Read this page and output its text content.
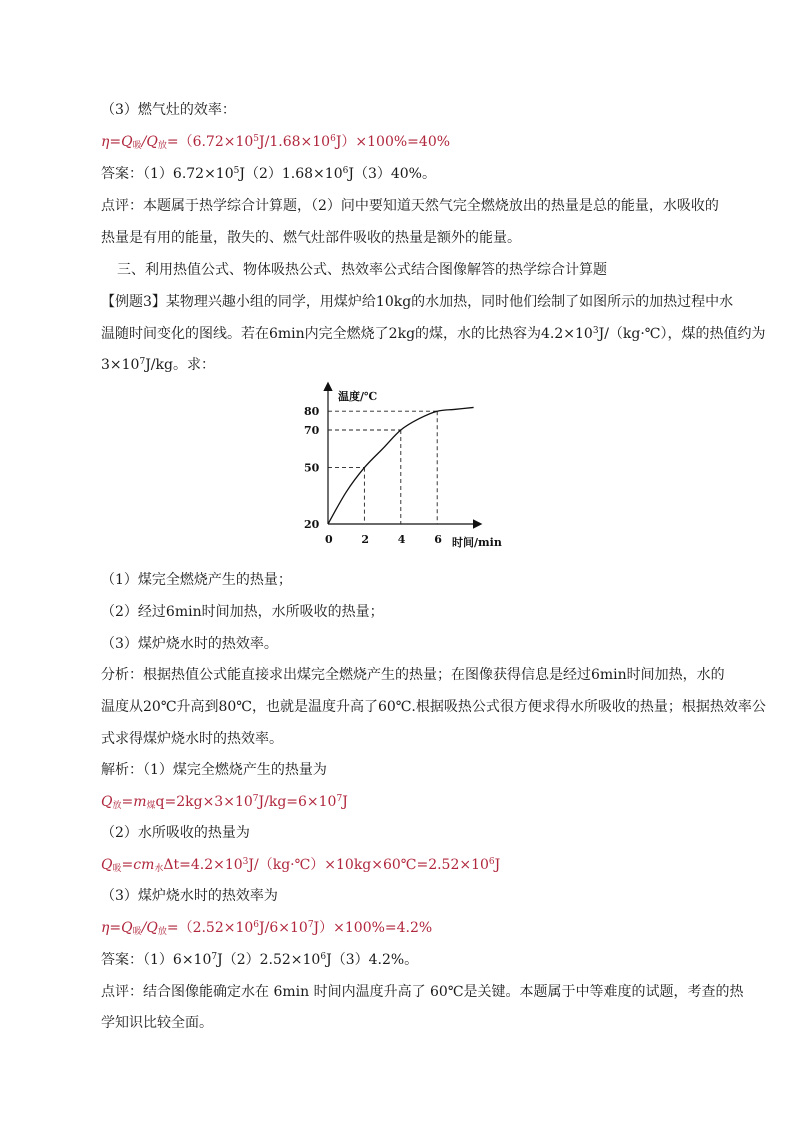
（3）燃气灶的效率：
$\eta=Q_吸/Q_放=(6.72\times 10^5J/1.68\times 10^6J)\times 100\%=40\%$
答案：$(1)6.72\times 10^5J(2)1.68\times 10^6J(3)40\%$。
点评：本题属于热学综合计算题，（2）问中要知道天然气完全燃烧放出的热量是总的能量，水吸收的
热量是有用的能量，散失的、燃气灶部件吸收的热量是额外的能量。
三、利用热值公式、物体吸热公式、热效率公式结合图像解答的热学综合计算题
【例题3】某物理兴趣小组的同学，用煤炉给10kg的水加热，同时他们绘制了如图所示的加热过程中水
温随时间变化的图线。若在6min内完全燃烧了2kg的煤，水的比热容为$4.2\times 10^3J/(kg\cdot℃)$，煤的热值约为
$3\times 10^7J/kg$。求：
温度/℃
时间/min
0	2	4	6
20
50
70
80
（1）煤完全燃烧产生的热量；
（2）经过6min时间加热，水所吸收的热量；
（3）煤炉烧水时的热效率。
分析：根据热值公式能直接求出煤完全燃烧产生的热量；在图像获得信息是经过6min时间加热，水的
温度从20℃升高到80℃，也就是温度升高了60℃.根据吸热公式很方便求得水所吸收的热量；根据热效率公
式求得煤炉烧水时的热效率。
解析：（1）煤完全燃烧产生的热量为
$Q_放=m_煤q=2kg\times 3\times 10^7J/kg=6\times 10^7J$
（2）水所吸收的热量为
$Q_吸=cm_水\Delta t=4.2\times 10^3J/(kg\cdot℃)\times 10kg\times 60℃=2.52\times 10^6J$
（3）煤炉烧水时的热效率为
$\eta=Q_吸/Q_放=(2.52\times 10^6J/6\times 10^7J)\times 100\%=4.2\%$
答案：$(1)6\times 10^7J(2)2.52\times 10^6J(3)4.2\%$。
点评：结合图像能确定水在 6min 时间内温度升高了 60℃是关键。本题属于中等难度的试题，考查的热
学知识比较全面。
